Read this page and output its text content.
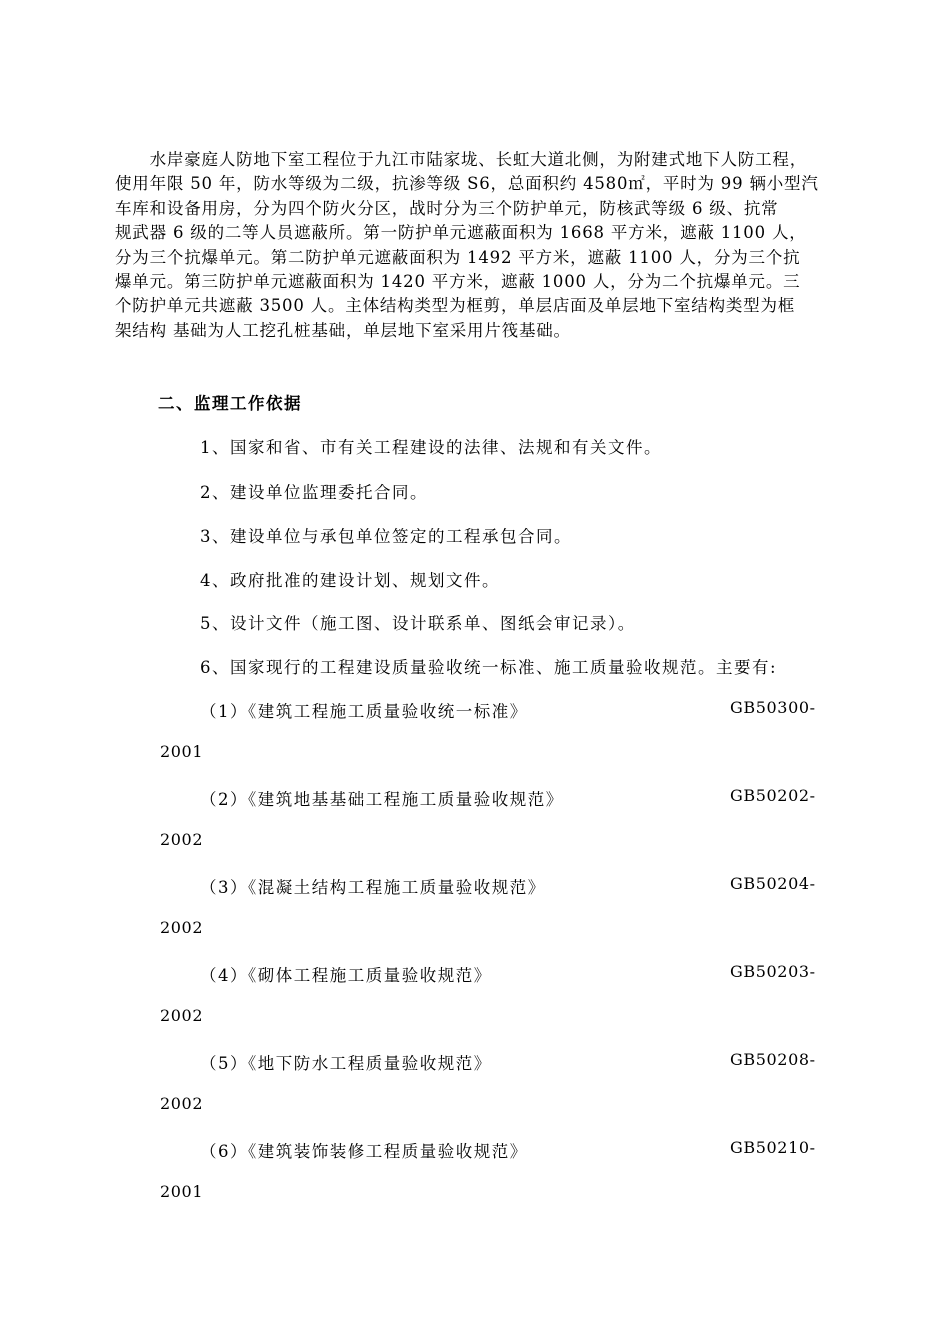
　　水岸豪庭人防地下室工程位于九江市陆家垅、长虹大道北侧，为附建式地下人防工程，
使用年限 50 年，防水等级为二级，抗渗等级 S6，总面积约 4580㎡，平时为 99 辆小型汽
车库和设备用房，分为四个防火分区，战时分为三个防护单元，防核武等级 6 级、抗常
规武器 6 级的二等人员遮蔽所。第一防护单元遮蔽面积为 1668 平方米，遮蔽 1100 人，
分为三个抗爆单元。第二防护单元遮蔽面积为 1492 平方米，遮蔽 1100 人，分为三个抗
爆单元。第三防护单元遮蔽面积为 1420 平方米，遮蔽 1000 人，分为二个抗爆单元。三
个防护单元共遮蔽 3500 人。主体结构类型为框剪，单层店面及单层地下室结构类型为框
架结构 基础为人工挖孔桩基础，单层地下室采用片筏基础。
二、监理工作依据
1、国家和省、市有关工程建设的法律、法规和有关文件。
2、建设单位监理委托合同。
3、建设单位与承包单位签定的工程承包合同。
4、政府批准的建设计划、规划文件。
5、设计文件（施工图、设计联系单、图纸会审记录）。
6、国家现行的工程建设质量验收统一标准、施工质量验收规范。主要有:
（1）《建筑工程施工质量验收统一标准》	GB50300-
2001
（2）《建筑地基基础工程施工质量验收规范》	GB50202-
2002
（3）《混凝土结构工程施工质量验收规范》	GB50204-
2002
（4）《砌体工程施工质量验收规范》	GB50203-
2002
（5）《地下防水工程质量验收规范》	GB50208-
2002
（6）《建筑装饰装修工程质量验收规范》	GB50210-
2001
